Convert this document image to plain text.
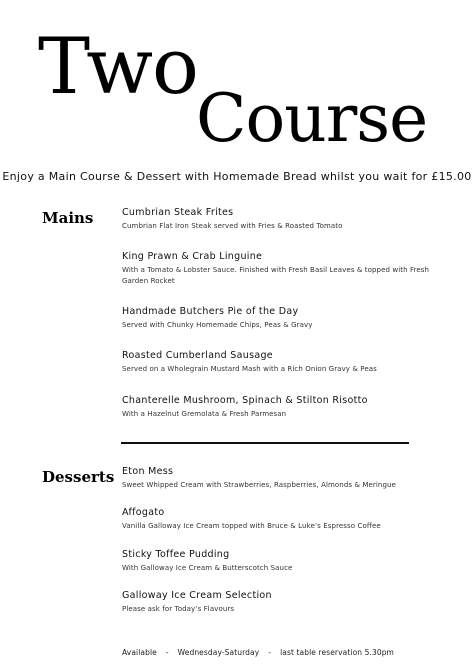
Two
Course
Enjoy a Main Course & Dessert with Homemade Bread whilst you wait for £15.00
Mains	Cumbrian Steak Frites
Cumbrian Flat Iron Steak served with Fries & Roasted Tomato
King Prawn & Crab Linguine
With a Tomato & Lobster Sauce. Finished with Fresh Basil Leaves & topped with Fresh Garden Rocket
Handmade Butchers Pie of the Day
Served with Chunky Homemade Chips, Peas & Gravy
Roasted Cumberland Sausage
Served on a Wholegrain Mustard Mash with a Rich Onion Gravy & Peas
Chanterelle Mushroom, Spinach & Stilton Risotto
With a Hazelnut Gremolata & Fresh Parmesan
Desserts Eton Mess
Sweet Whipped Cream with Strawberries, Raspberries, Almonds & Meringue
Affogato
Vanilla Galloway Ice Cream topped with Bruce & Luke’s Espresso Coffee
Sticky Toffee Pudding
With Galloway Ice Cream & Butterscotch Sauce
Galloway Ice Cream Selection
Please ask for Today’s Flavours
Available - Wednesday-Saturday - last table reservation 5.30pm
